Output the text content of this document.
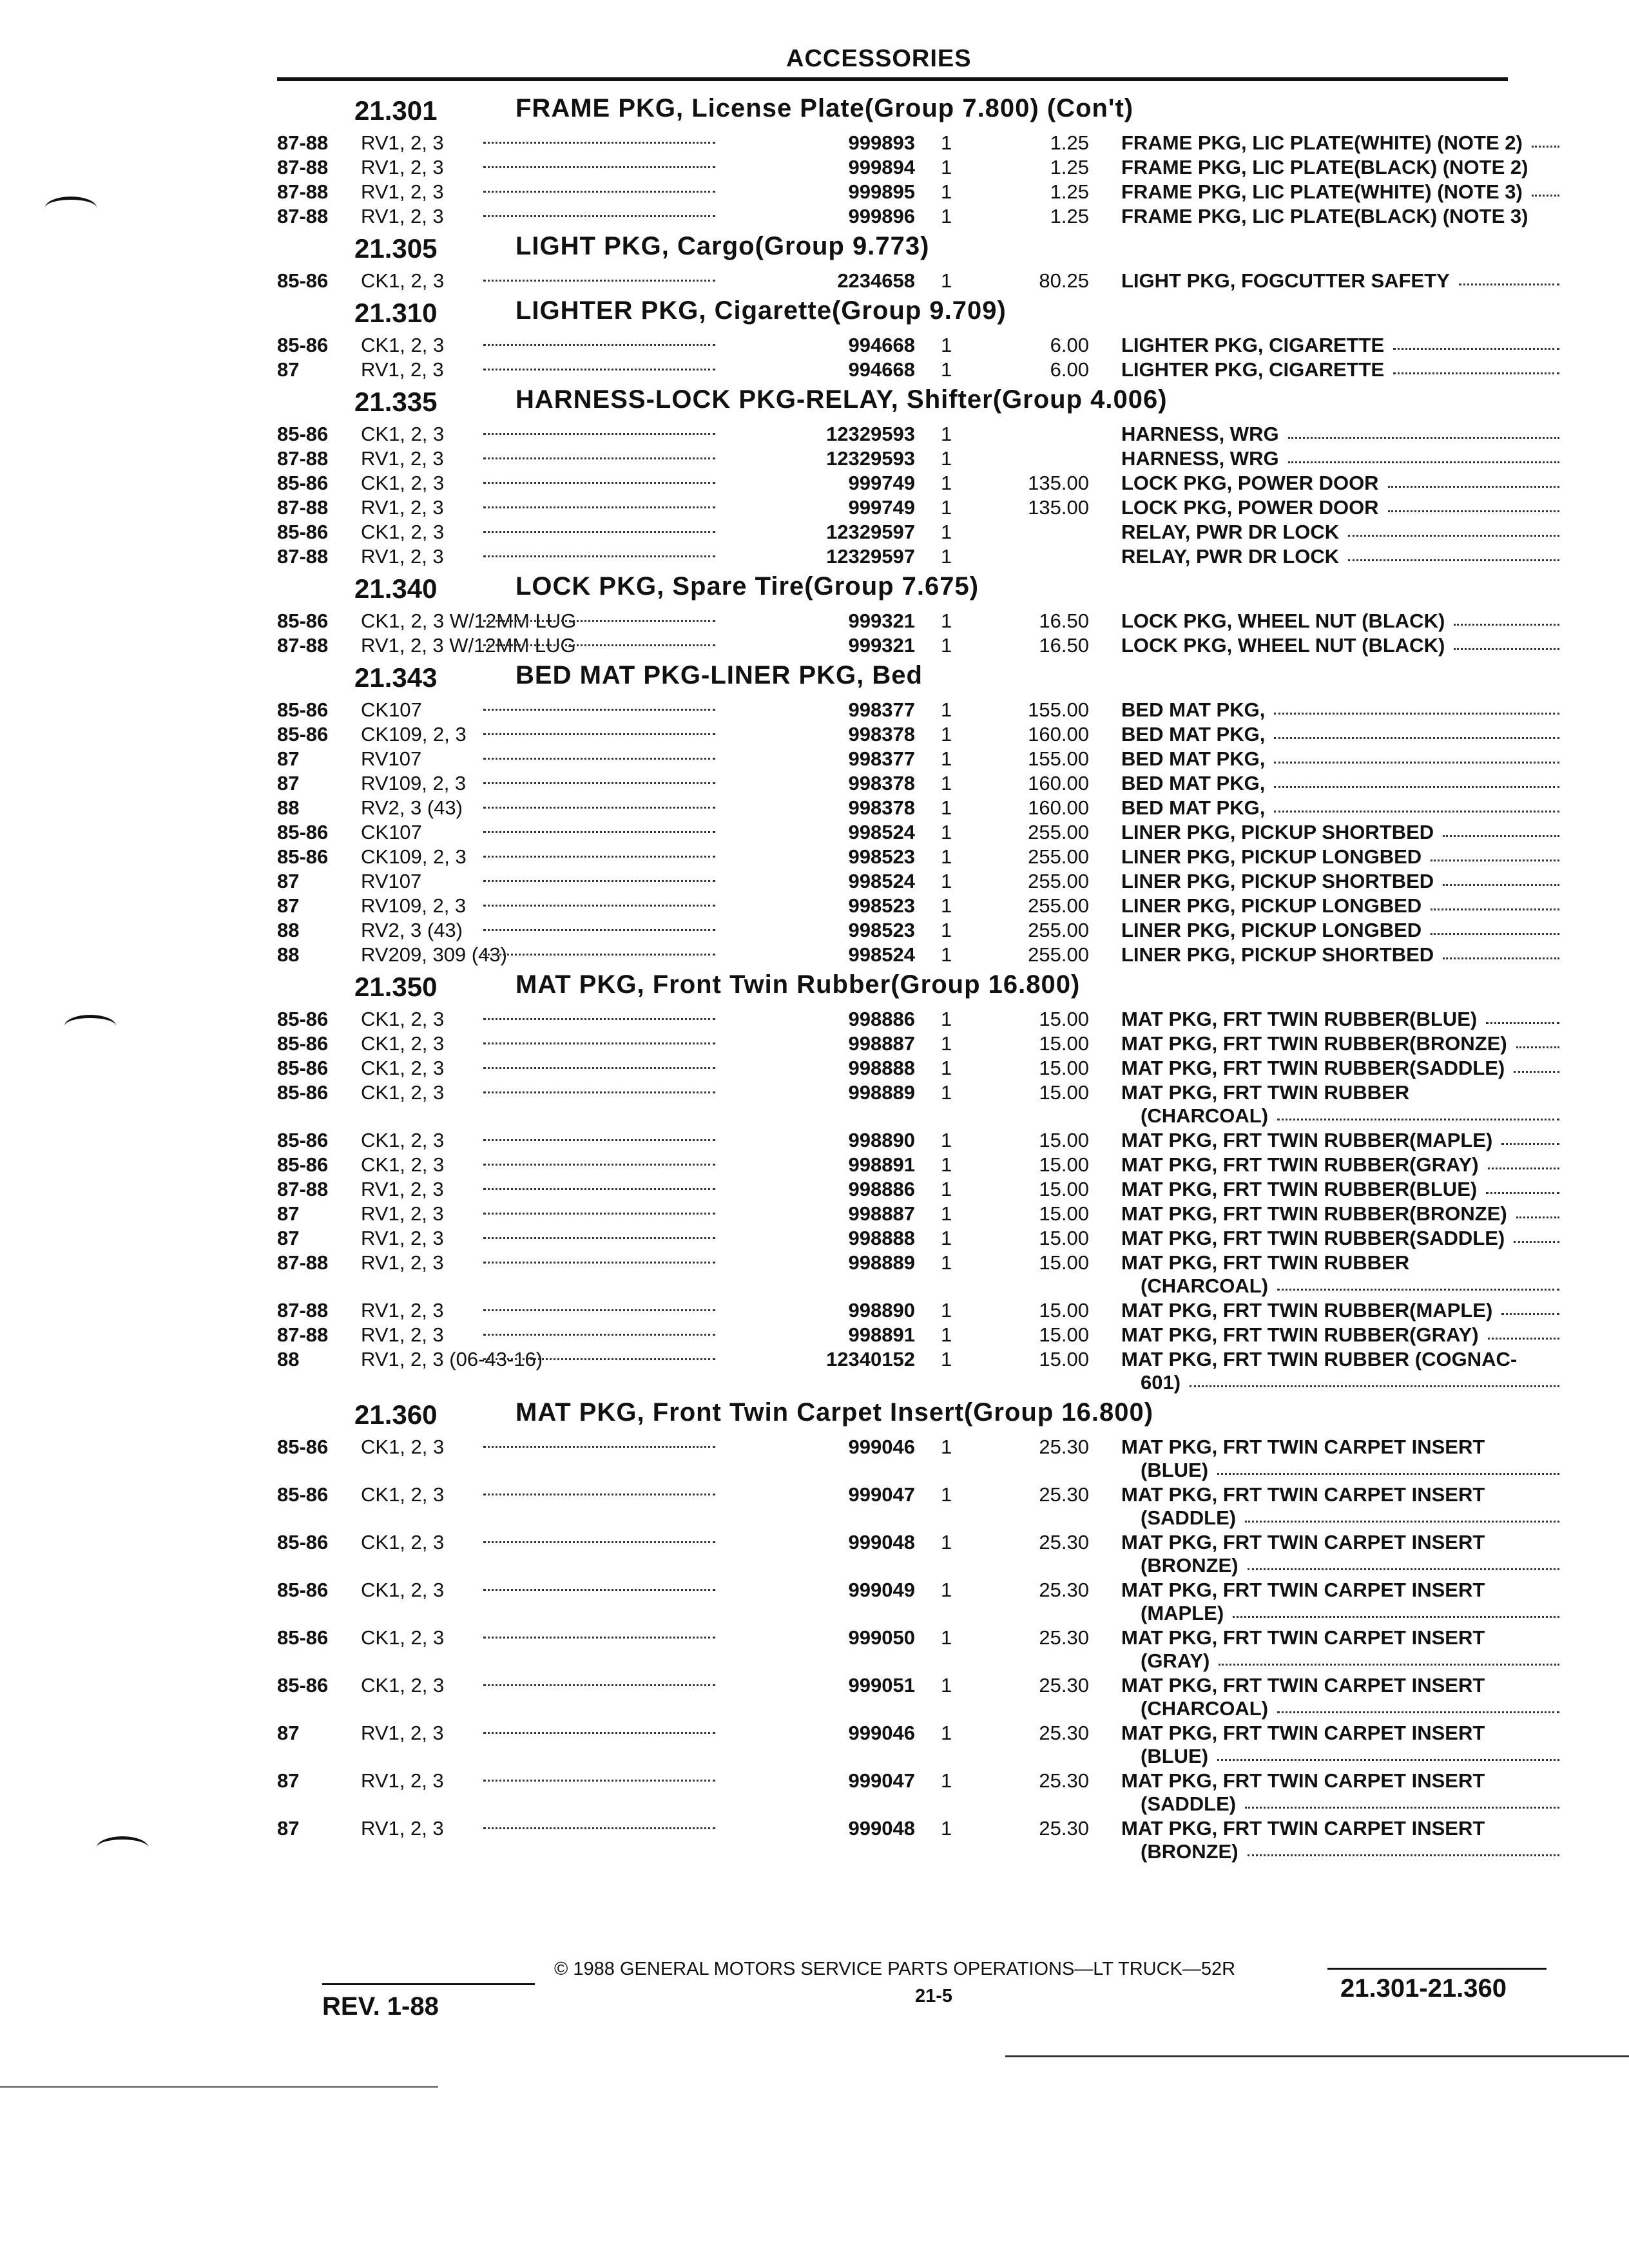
ACCESSORIES
21.301	FRAME PKG, License Plate(Group 7.800) (Con't)
87-88 RV1, 2, 3	999893 1	1.25 FRAME PKG, LIC PLATE(WHITE) (NOTE 2)
87-88 RV1, 2, 3	999894 1	1.25 FRAME PKG, LIC PLATE(BLACK) (NOTE 2)
87-88 RV1, 2, 3	999895 1	1.25 FRAME PKG, LIC PLATE(WHITE) (NOTE 3)
87-88 RV1, 2, 3	999896 1	1.25 FRAME PKG, LIC PLATE(BLACK) (NOTE 3)
21.305	LIGHT PKG, Cargo(Group 9.773)
85-86 CK1, 2, 3	2234658 1	80.25 LIGHT PKG, FOGCUTTER SAFETY
21.310	LIGHTER PKG, Cigarette(Group 9.709)
85-86 CK1, 2, 3	994668 1	6.00 LIGHTER PKG, CIGARETTE
87	RV1, 2, 3	994668 1	6.00 LIGHTER PKG, CIGARETTE
21.335	HARNESS-LOCK PKG-RELAY, Shifter(Group 4.006)
85-86 CK1, 2, 3	12329593 1	HARNESS, WRG
87-88 RV1, 2, 3	12329593 1	HARNESS, WRG
85-86 CK1, 2, 3	999749 1	135.00 LOCK PKG, POWER DOOR
87-88 RV1, 2, 3	999749 1	135.00 LOCK PKG, POWER DOOR
85-86 CK1, 2, 3	12329597 1	RELAY, PWR DR LOCK
87-88 RV1, 2, 3	12329597 1	RELAY, PWR DR LOCK
21.340	LOCK PKG, Spare Tire(Group 7.675)
85-86 CK1, 2, 3 W/12MM LUG	999321 1	16.50 LOCK PKG, WHEEL NUT (BLACK)
87-88 RV1, 2, 3 W/12MM LUG	999321 1	16.50 LOCK PKG, WHEEL NUT (BLACK)
21.343	BED MAT PKG-LINER PKG, Bed
85-86 CK107	998377 1	155.00 BED MAT PKG,
85-86 CK109, 2, 3	998378 1	160.00 BED MAT PKG,
87	RV107	998377 1	155.00 BED MAT PKG,
87	RV109, 2, 3	998378 1	160.00 BED MAT PKG,
88	RV2, 3 (43)	998378 1	160.00 BED MAT PKG,
85-86 CK107	998524 1	255.00 LINER PKG, PICKUP SHORTBED
85-86 CK109, 2, 3	998523 1	255.00 LINER PKG, PICKUP LONGBED
87	RV107	998524 1	255.00 LINER PKG, PICKUP SHORTBED
87	RV109, 2, 3	998523 1	255.00 LINER PKG, PICKUP LONGBED
88	RV2, 3 (43)	998523 1	255.00 LINER PKG, PICKUP LONGBED
88	RV209, 309 (43)	998524 1	255.00 LINER PKG, PICKUP SHORTBED
21.350	MAT PKG, Front Twin Rubber(Group 16.800)
85-86 CK1, 2, 3	998886 1	15.00 MAT PKG, FRT TWIN RUBBER(BLUE)
85-86 CK1, 2, 3	998887 1	15.00 MAT PKG, FRT TWIN RUBBER(BRONZE)
85-86 CK1, 2, 3	998888 1	15.00 MAT PKG, FRT TWIN RUBBER(SADDLE)
85-86 CK1, 2, 3	998889 1	15.00 MAT PKG, FRT TWIN RUBBER
(CHARCOAL)
85-86 CK1, 2, 3	998890 1	15.00 MAT PKG, FRT TWIN RUBBER(MAPLE)
85-86 CK1, 2, 3	998891 1	15.00 MAT PKG, FRT TWIN RUBBER(GRAY)
87-88 RV1, 2, 3	998886 1	15.00 MAT PKG, FRT TWIN RUBBER(BLUE)
87	RV1, 2, 3	998887 1	15.00 MAT PKG, FRT TWIN RUBBER(BRONZE)
87	RV1, 2, 3	998888 1	15.00 MAT PKG, FRT TWIN RUBBER(SADDLE)
87-88 RV1, 2, 3	998889 1	15.00 MAT PKG, FRT TWIN RUBBER
(CHARCOAL)
87-88 RV1, 2, 3	998890 1	15.00 MAT PKG, FRT TWIN RUBBER(MAPLE)
87-88 RV1, 2, 3	998891 1	15.00 MAT PKG, FRT TWIN RUBBER(GRAY)
88	RV1, 2, 3 (06-43-16)	12340152 1	15.00 MAT PKG, FRT TWIN RUBBER (COGNAC-
601)
21.360	MAT PKG, Front Twin Carpet Insert(Group 16.800)
85-86 CK1, 2, 3	999046 1	25.30 MAT PKG, FRT TWIN CARPET INSERT
(BLUE)
85-86 CK1, 2, 3	999047 1	25.30 MAT PKG, FRT TWIN CARPET INSERT
(SADDLE)
85-86 CK1, 2, 3	999048 1	25.30 MAT PKG, FRT TWIN CARPET INSERT
(BRONZE)
85-86 CK1, 2, 3	999049 1	25.30 MAT PKG, FRT TWIN CARPET INSERT
(MAPLE)
85-86 CK1, 2, 3	999050 1	25.30 MAT PKG, FRT TWIN CARPET INSERT
(GRAY)
85-86 CK1, 2, 3	999051 1	25.30 MAT PKG, FRT TWIN CARPET INSERT
(CHARCOAL)
87	RV1, 2, 3	999046 1	25.30 MAT PKG, FRT TWIN CARPET INSERT
(BLUE)
87	RV1, 2, 3	999047 1	25.30 MAT PKG, FRT TWIN CARPET INSERT
(SADDLE)
87	RV1, 2, 3	999048 1	25.30 MAT PKG, FRT TWIN CARPET INSERT
(BRONZE)
© 1988 GENERAL MOTORS SERVICE PARTS OPERATIONS—LT TRUCK—52R
21-5	21.301-21.360
REV. 1-88
